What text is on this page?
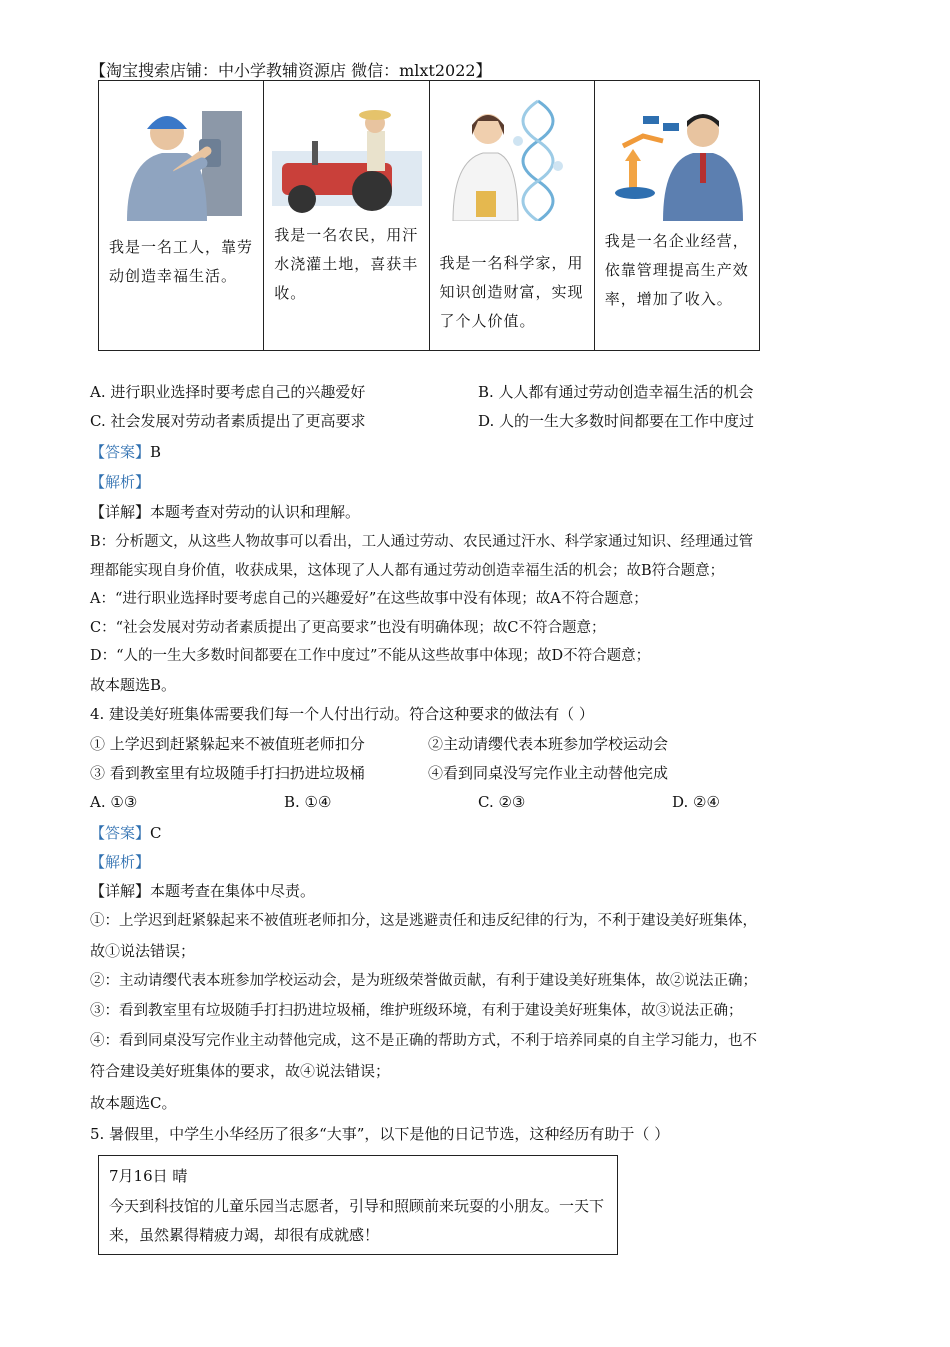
【淘宝搜索店铺：中小学教辅资源店 微信：mlxt2022】
我是一名工人，靠劳动创造幸福生活。
我是一名农民，用汗水浇灌土地，喜获丰收。
我是一名科学家，用知识创造财富，实现了个人价值。
我是一名企业经营，依靠管理提高生产效率，增加了收入。
A. 进行职业选择时要考虑自己的兴趣爱好	B. 人人都有通过劳动创造幸福生活的机会
C. 社会发展对劳动者素质提出了更高要求	D. 人的一生大多数时间都要在工作中度过
【答案】B
【解析】
【详解】本题考查对劳动的认识和理解。
B：分析题文，从这些人物故事可以看出，工人通过劳动、农民通过汗水、科学家通过知识、经理通过管
理都能实现自身价值，收获成果，这体现了人人都有通过劳动创造幸福生活的机会；故B符合题意；
A：“进行职业选择时要考虑自己的兴趣爱好”在这些故事中没有体现；故A不符合题意；
C：“社会发展对劳动者素质提出了更高要求”也没有明确体现；故C不符合题意；
D：“人的一生大多数时间都要在工作中度过”不能从这些故事中体现；故D不符合题意；
故本题选B。
4. 建设美好班集体需要我们每一个人付出行动。符合这种要求的做法有（ ）
① 上学迟到赶紧躲起来不被值班老师扣分	②主动请缨代表本班参加学校运动会
③ 看到教室里有垃圾随手打扫扔进垃圾桶	④看到同桌没写完作业主动替他完成
A. ①③	B. ①④	C. ②③	D. ②④
【答案】C
【解析】
【详解】本题考查在集体中尽责。
①：上学迟到赶紧躲起来不被值班老师扣分，这是逃避责任和违反纪律的行为，不利于建设美好班集体，
故①说法错误；
②：主动请缨代表本班参加学校运动会，是为班级荣誉做贡献，有利于建设美好班集体，故②说法正确；
③：看到教室里有垃圾随手打扫扔进垃圾桶，维护班级环境，有利于建设美好班集体，故③说法正确；
④：看到同桌没写完作业主动替他完成，这不是正确的帮助方式，不利于培养同桌的自主学习能力，也不
符合建设美好班集体的要求，故④说法错误；
故本题选C。
5. 暑假里，中学生小华经历了很多“大事”，以下是他的日记节选，这种经历有助于（ ）
7月16日 晴
今天到科技馆的儿童乐园当志愿者，引导和照顾前来玩耍的小朋友。一天下来，虽然累得精疲力竭，却很有成就感！
